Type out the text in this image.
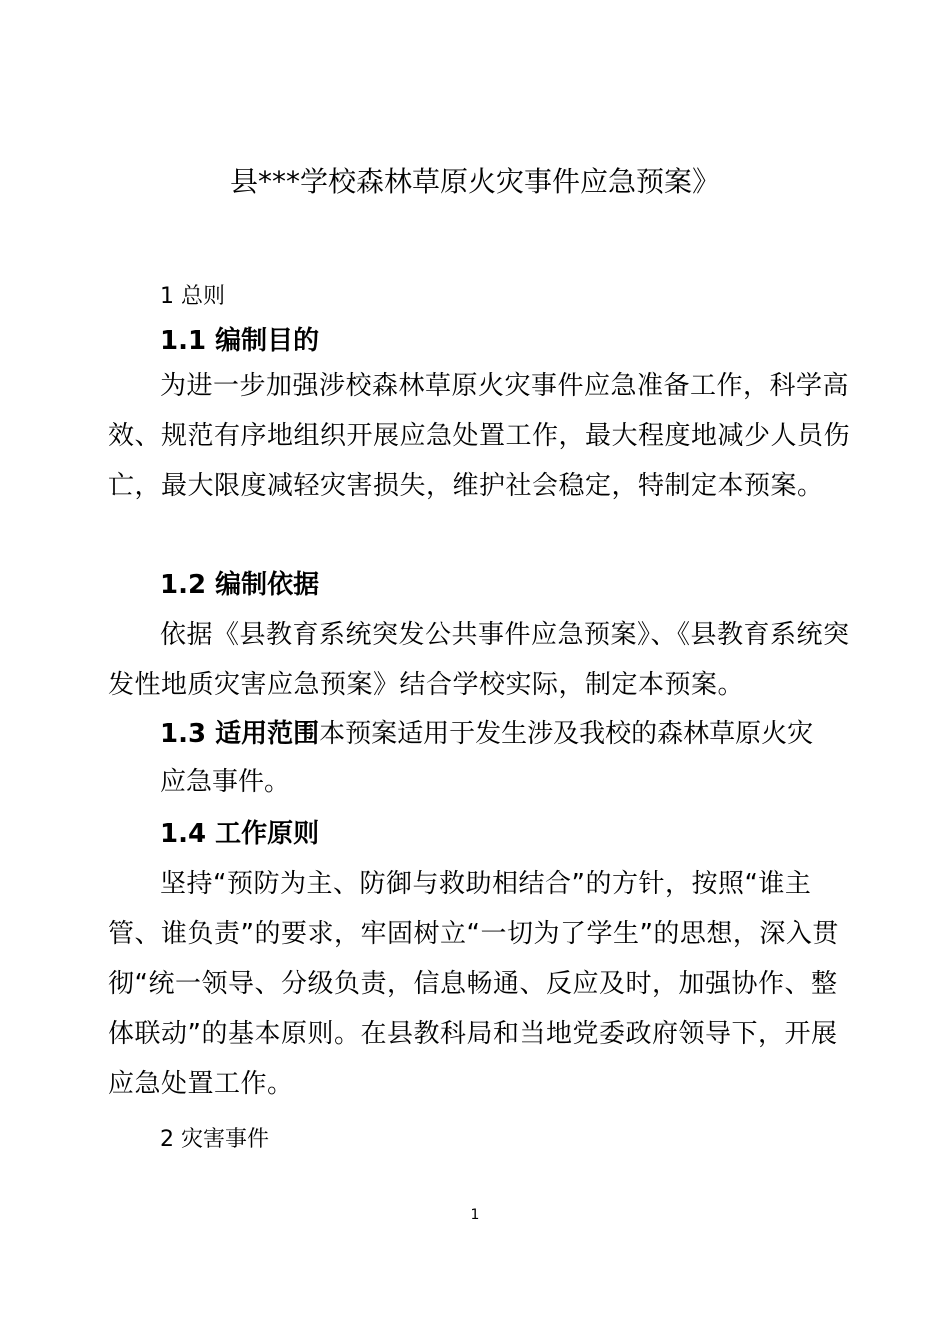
县***学校森林草原火灾事件应急预案》

1 总则

1.1 编制目的

为进一步加强涉校森林草原火灾事件应急准备工作，科学高效、规范有序地组织开展应急处置工作，最大程度地减少人员伤亡，最大限度减轻灾害损失，维护社会稳定，特制定本预案。

1.2 编制依据

依据《县教育系统突发公共事件应急预案》、《县教育系统突发性地质灾害应急预案》结合学校实际，制定本预案。

1.3 适用范围本预案适用于发生涉及我校的森林草原火灾

应急事件。

1.4 工作原则

坚持“预防为主、防御与救助相结合”的方针，按照“谁主管、谁负责”的要求，牢固树立“一切为了学生”的思想，深入贯彻“统一领导、分级负责，信息畅通、反应及时，加强协作、整体联动”的基本原则。在县教科局和当地党委政府领导下，开展应急处置工作。

2 灾害事件

1
